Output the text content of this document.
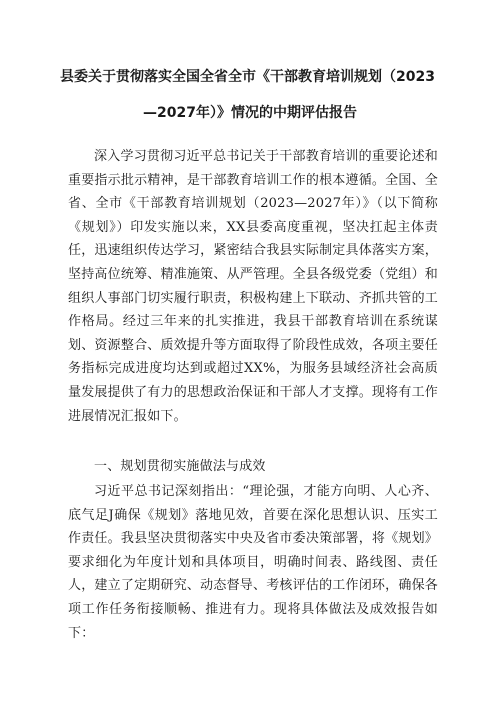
县委关于贯彻落实全国全省全市《干部教育培训规划（2023
—2027年）》情况的中期评估报告

深入学习贯彻习近平总书记关于干部教育培训的重要论述和重要指示批示精神，是干部教育培训工作的根本遵循。全国、全省、全市《干部教育培训规划（2023—2027年）》（以下简称《规划》）印发实施以来，XX县委高度重视，坚决扛起主体责任，迅速组织传达学习，紧密结合我县实际制定具体落实方案，坚持高位统筹、精准施策、从严管理。全县各级党委（党组）和组织人事部门切实履行职责，积极构建上下联动、齐抓共管的工作格局。经过三年来的扎实推进，我县干部教育培训在系统谋划、资源整合、质效提升等方面取得了阶段性成效，各项主要任务指标完成进度均达到或超过XX%，为服务县域经济社会高质量发展提供了有力的思想政治保证和干部人才支撑。现将有工作进展情况汇报如下。

一、规划贯彻实施做法与成效

习近平总书记深刻指出：“理论强，才能方向明、人心齐、底气足J确保《规划》落地见效，首要在深化思想认识、压实工作责任。我县坚决贯彻落实中央及省市委决策部署，将《规划》要求细化为年度计划和具体项目，明确时间表、路线图、责任人，建立了定期研究、动态督导、考核评估的工作闭环，确保各项工作任务衔接顺畅、推进有力。现将具体做法及成效报告如下：
